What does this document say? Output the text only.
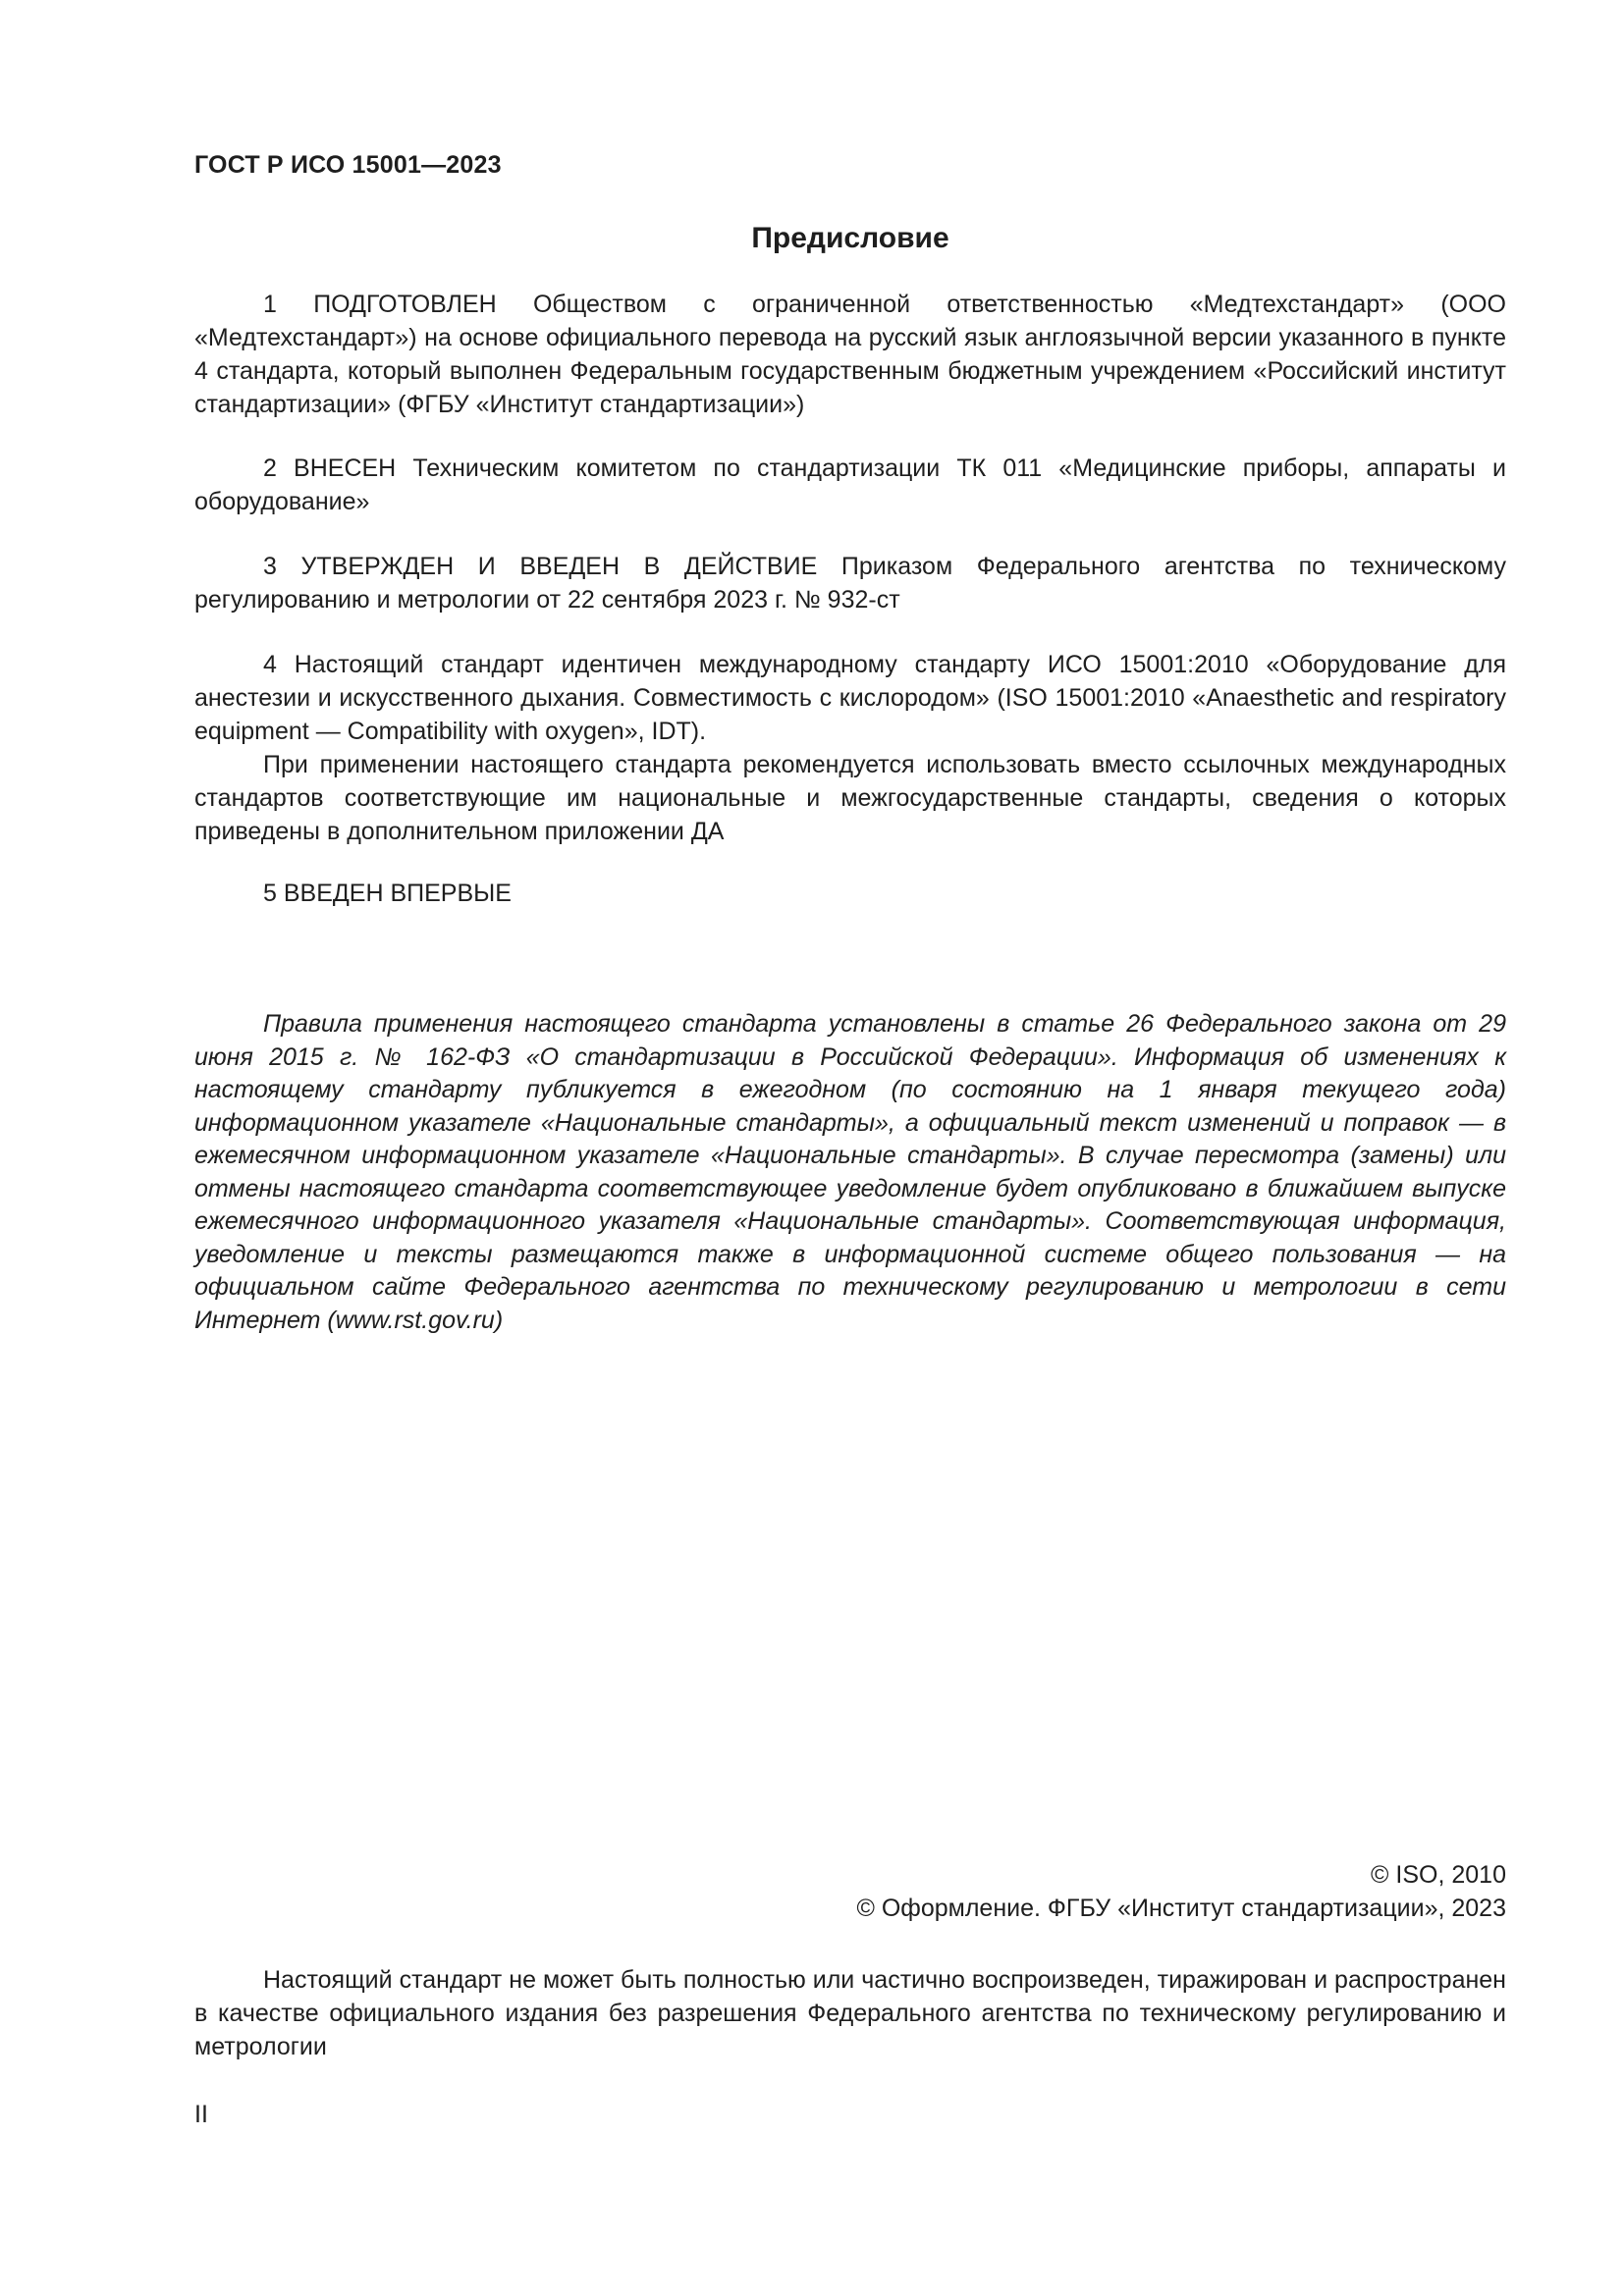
ГОСТ Р ИСО 15001—2023
Предисловие

1 ПОДГОТОВЛЕН Обществом с ограниченной ответственностью «Медтехстандарт» (ООО «Медтехстандарт») на основе официального перевода на русский язык англоязычной версии указанного в пункте 4 стандарта, который выполнен Федеральным государственным бюджетным учреждением «Российский институт стандартизации» (ФГБУ «Институт стандартизации»)

2 ВНЕСЕН Техническим комитетом по стандартизации ТК 011 «Медицинские приборы, аппараты и оборудование»

3 УТВЕРЖДЕН И ВВЕДЕН В ДЕЙСТВИЕ Приказом Федерального агентства по техническому регулированию и метрологии от 22 сентября 2023 г. № 932-ст

4 Настоящий стандарт идентичен международному стандарту ИСО 15001:2010 «Оборудование для анестезии и искусственного дыхания. Совместимость с кислородом» (ISO 15001:2010 «Anaesthetic and respiratory equipment — Compatibility with oxygen», IDT).

При применении настоящего стандарта рекомендуется использовать вместо ссылочных международных стандартов соответствующие им национальные и межгосударственные стандарты, сведения о которых приведены в дополнительном приложении ДА

5 ВВЕДЕН ВПЕРВЫЕ

Правила применения настоящего стандарта установлены в статье 26 Федерального закона от 29 июня 2015 г. № 162-ФЗ «О стандартизации в Российской Федерации». Информация об изменениях к настоящему стандарту публикуется в ежегодном (по состоянию на 1 января текущего года) информационном указателе «Национальные стандарты», а официальный текст изменений и поправок — в ежемесячном информационном указателе «Национальные стандарты». В случае пересмотра (замены) или отмены настоящего стандарта соответствующее уведомление будет опубликовано в ближайшем выпуске ежемесячного информационного указателя «Национальные стандарты». Соответствующая информация, уведомление и тексты размещаются также в информационной системе общего пользования — на официальном сайте Федерального агентства по техническому регулированию и метрологии в сети Интернет (www.rst.gov.ru)

© ISO, 2010
© Оформление. ФГБУ «Институт стандартизации», 2023

Настоящий стандарт не может быть полностью или частично воспроизведен, тиражирован и распространен в качестве официального издания без разрешения Федерального агентства по техническому регулированию и метрологии

II
